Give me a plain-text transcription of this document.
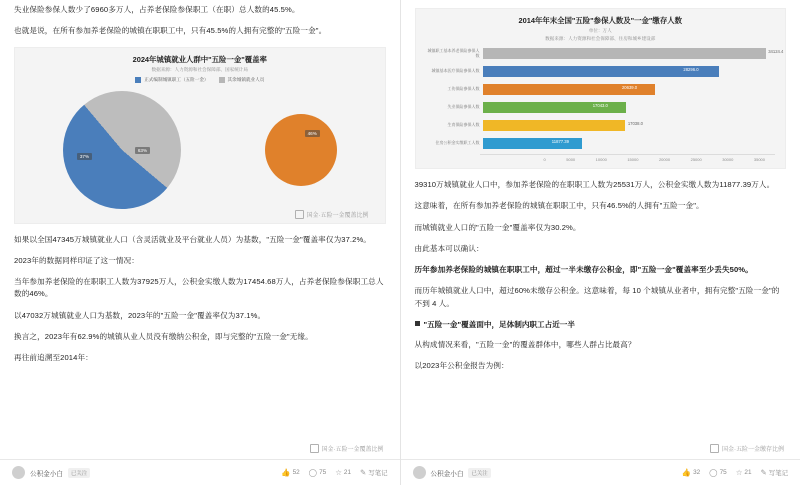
失业保险参保人数少了6960多万人，占养老保险参保职工（在职）总人数的45.5%。

也就是说，在所有参加养老保险的城镇在职职工中，只有45.5%的人拥有完整的"五险一金"。

2024年城镇就业人群中"五险一金"覆盖率
数据来源：人力资源和社会保障部、国家统计局
正式编制城镇职工（五险一金）	其余城镇就业人员
37%
63%
46%
国金·五险一金覆盖比例

如果以全国47345万城镇就业人口（含灵活就业及平台就业人员）为基数，"五险一金"覆盖率仅为37.2%。

2023年的数据同样印证了这一情况：

当年参加养老保险的在职职工人数为37925万人，公积金实缴人数为17454.68万人，占养老保险参保职工总人数的46%。

以47032万城镇就业人口为基数，2023年的"五险一金"覆盖率仅为37.1%。

换言之，2023年有62.9%的城镇从业人员没有缴纳公积金，即与完整的"五险一金"无缘。

再往前追溯至2014年：

国金·五险一金覆盖比例
公积金小白	已关注	👍 52 ◯ 75 ☆ 21 ✎ 写笔记
2014年年末全国"五险"参保人数及"一金"缴存人数
单位：万人
数据来源：人力资源和社会保障部、住房和城乡建设部
城镇职工基本养老保险参保人数
34124.4
城镇基本医疗保险参保人数	28296.0
工伤保险参保人数	20639.0
失业保险参保人数	17043.0
生育保险参保人数	17038.0
住房公积金实缴职工人数	11877.39
0	5000	10000	15000	20000	25000	30000	35000

39310万城镇就业人口中，参加养老保险的在职职工人数为25531万人，公积金实缴人数为11877.39万人。

这意味着，在所有参加养老保险的城镇在职职工中，只有46.5%的人拥有"五险一金"。

而城镇就业人口的"五险一金"覆盖率仅为30.2%。

由此基本可以确认：

历年参加养老保险的城镇在职职工中，超过一半未缴存公积金，即"五险一金"覆盖率至少丢失50%。

而历年城镇就业人口中，超过60%未缴存公积金。这意味着，每 10 个城镇从业者中，拥有完整"五险一金"的不到 4 人。

"五险一金"覆盖面中，足体制内职工占近一半

从构成情况来看，"五险一金"的覆盖群体中，哪些人群占比最高？

以2023年公积金报告为例：

国金·五险一金缴存比例
公积金小白	已关注	👍 32 ◯ 75 ☆ 21 ✎ 写笔记
